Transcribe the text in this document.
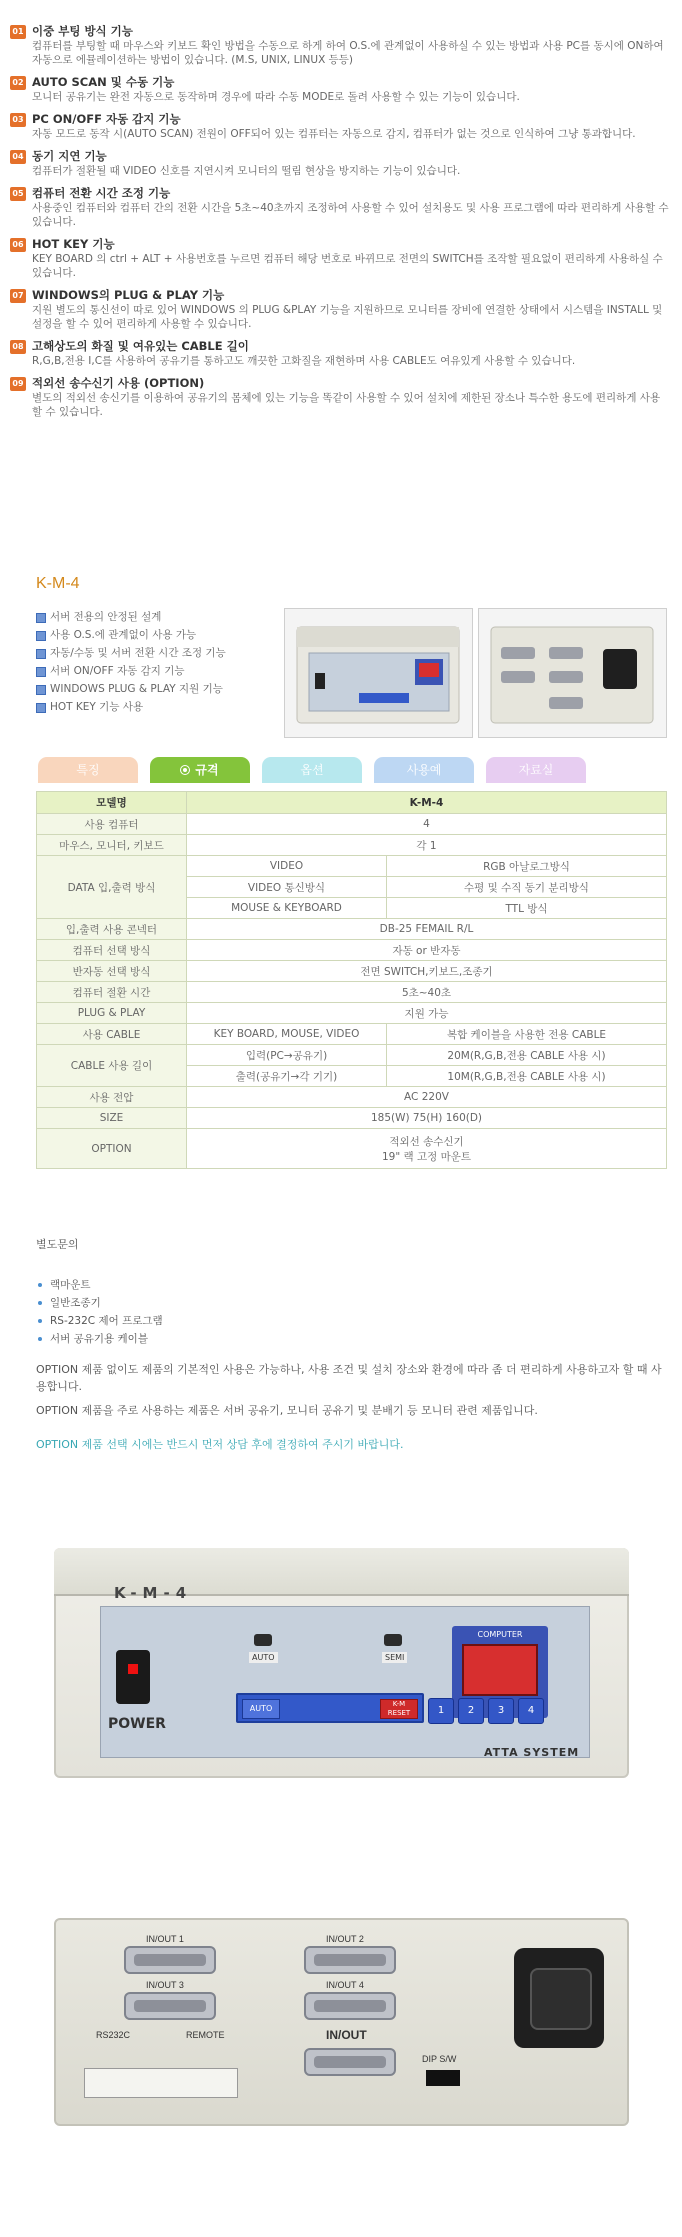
01 이중 부팅 방식 기능
컴퓨터를 부팅할 때 마우스와 키보드 확인 방법을 수동으로 하게 하여 O.S.에 관계없이 사용하실 수 있는 방법과 사용 PC를 동시에 ON하여 자동으로 에뮬레이션하는 방법이 있습니다. (M.S, UNIX, LINUX 등등)
02 AUTO SCAN 및 수동 기능
모니터 공유기는 완전 자동으로 동작하며 경우에 따라 수동 MODE로 돌려 사용할 수 있는 기능이 있습니다.
03 PC ON/OFF 자동 감지 기능
자동 모드로 동작 시(AUTO SCAN) 전원이 OFF되어 있는 컴퓨터는 자동으로 감지, 컴퓨터가 없는 것으로 인식하여 그냥 통과합니다.
04 동기 지연 기능
컴퓨터가 절환될 때 VIDEO 신호를 지연시켜 모니터의 떨림 현상을 방지하는 기능이 있습니다.
05 컴퓨터 전환 시간 조정 기능
사용중인 컴퓨터와 컴퓨터 간의 전환 시간을 5초~40초까지 조정하여 사용할 수 있어 설치용도 및 사용 프로그램에 따라 편리하게 사용할 수 있습니다.
06 HOT KEY 기능
KEY BOARD 의 ctrl + ALT + 사용번호를 누르면 컴퓨터 해당 번호로 바뀌므로 전면의 SWITCH를 조작할 필요없이 편리하게 사용하실 수 있습니다.
07 WINDOWS의 PLUG & PLAY 기능
지원 별도의 통신선이 따로 있어 WINDOWS 의 PLUG &PLAY 기능을 지원하므로 모니터를 장비에 연결한 상태에서 시스템을 INSTALL 및 설정을 할 수 있어 편리하게 사용할 수 있습니다.
08 고해상도의 화질 및 여유있는 CABLE 길이
R,G,B,전용 I,C를 사용하여 공유기를 통하고도 깨끗한 고화질을 재현하며 사용 CABLE도 여유있게 사용할 수 있습니다.
09 적외선 송수신기 사용 (OPTION)
별도의 적외선 송신기를 이용하여 공유기의 몸체에 있는 기능을 똑같이 사용할 수 있어 설치에 제한된 장소나 특수한 용도에 편리하게 사용할 수 있습니다.
K-M-4
서버 전용의 안정된 설계
사용 O.S.에 관계없이 사용 가능
자동/수동 및 서버 전환 시간 조정 기능
서버 ON/OFF 자동 감지 기능
WINDOWS PLUG & PLAY 지원 기능
HOT KEY 기능 사용
특징	규격	옵션	사용예	자료실
모델명	K-M-4	
사용 컴퓨터	4	
마우스, 모니터, 키보드	각 1	
DATA 입,출력 방식	VIDEO	RGB 아날로그방식
	VIDEO 통신방식	수평 및 수직 동기 분리방식
	MOUSE & KEYBOARD	TTL 방식
입,출력 사용 콘넥터	DB-25 FEMAIL R/L	
컴퓨터 선택 방식	자동 or 반자동	
반자동 선택 방식	전면 SWITCH,키보드,조종기	
컴퓨터 절환 시간	5초~40초	
PLUG & PLAY	지원 가능	
사용 CABLE	KEY BOARD, MOUSE, VIDEO	복합 케이블을 사용한 전용 CABLE
CABLE 사용 길이	입력(PC→공유기)	20M(R,G,B,전용 CABLE 사용 시)
	출력(공유기→각 기기)	10M(R,G,B,전용 CABLE 사용 시)
사용 전압	AC 220V	
SIZE	185(W) 75(H) 160(D)	
OPTION	적외선 송수신기
19" 랙 고정 마운트	
별도문의
랙마운트
일반조종기
RS-232C 제어 프로그램
서버 공유기용 케이블
OPTION 제품 없이도 제품의 기본적인 사용은 가능하나, 사용 조건 및 설치 장소와 환경에 따라 좀 더 편리하게 사용하고자 할 때 사용합니다.
OPTION 제품을 주로 사용하는 제품은 서버 공유기, 모니터 공유기 및 분배기 등 모니터 관련 제품입니다.
OPTION 제품 선택 시에는 반드시 먼저 상담 후에 결정하여 주시기 바랍니다.
K-M-4
POWER
AUTO	SEMI
AUTO	K-M RESET
COMPUTER
1	2	3	4
ATTA SYSTEM
IN/OUT 1	IN/OUT 2
IN/OUT 3	IN/OUT 4
RS232C	REMOTE	IN/OUT
DIP S/W
